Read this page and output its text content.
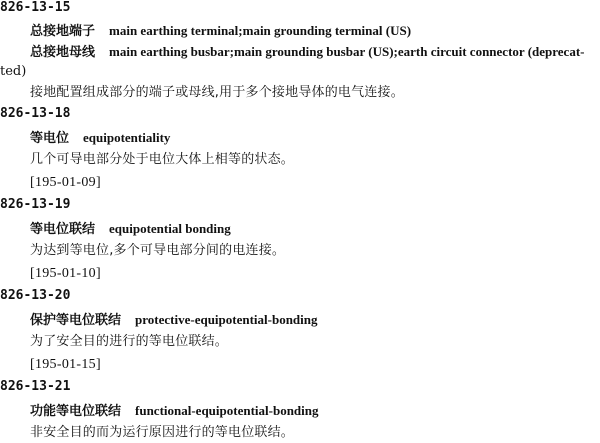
826-13-15
总接地端子 main earthing terminal;main grounding terminal (US)
总接地母线 main earthing busbar;main grounding busbar (US);earth circuit connector (deprecat-
ted)
接地配置组成部分的端子或母线,用于多个接地导体的电气连接。
826-13-18
等电位 equipotentiality
几个可导电部分处于电位大体上相等的状态。
[195-01-09]
826-13-19
等电位联结 equipotential bonding
为达到等电位,多个可导电部分间的电连接。
[195-01-10]
826-13-20
保护等电位联结 protective-equipotential-bonding
为了安全目的进行的等电位联结。
[195-01-15]
826-13-21
功能等电位联结 functional-equipotential-bonding
非安全目的而为运行原因进行的等电位联结。
